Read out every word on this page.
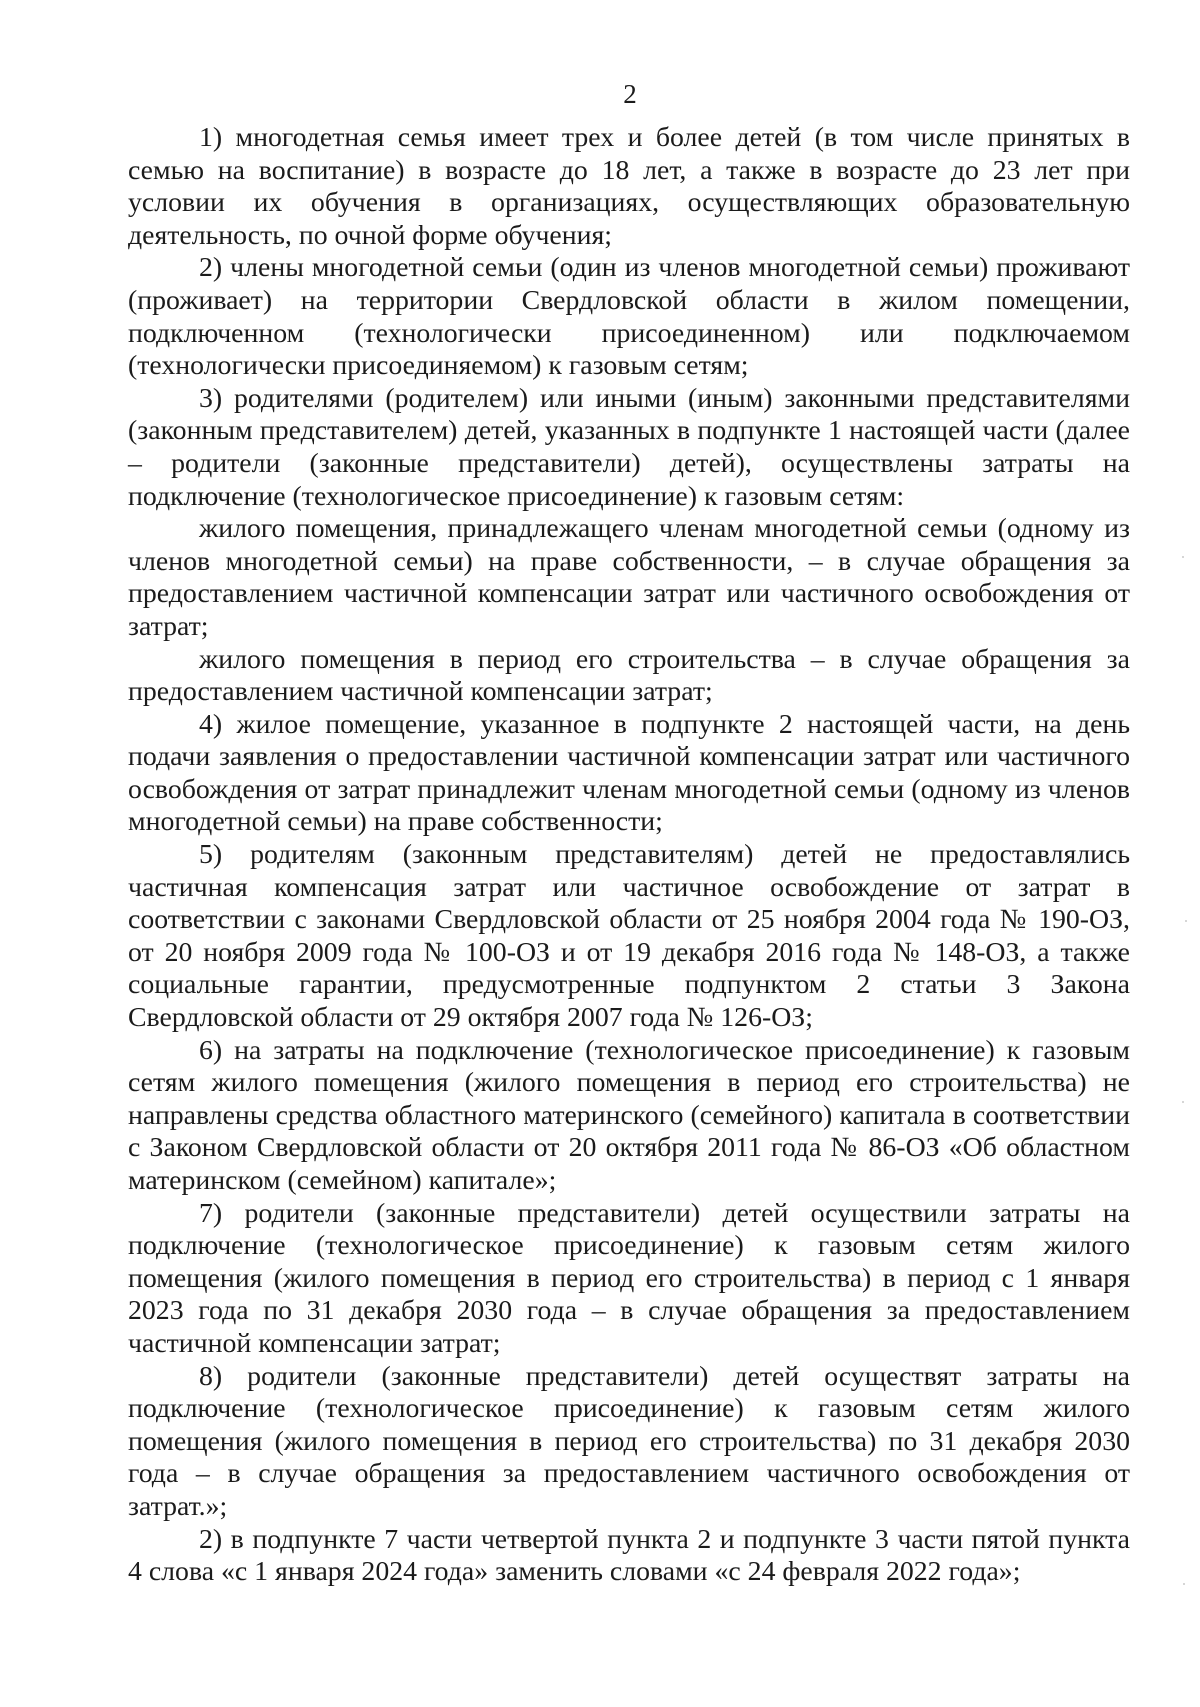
2

1) многодетная семья имеет трех и более детей (в том числе принятых в семью на воспитание) в возрасте до 18 лет, а также в возрасте до 23 лет при условии их обучения в организациях, осуществляющих образовательную деятельность, по очной форме обучения;

2) члены многодетной семьи (один из членов многодетной семьи) проживают (проживает) на территории Свердловской области в жилом помещении, подключенном (технологически присоединенном) или подключаемом (технологически присоединяемом) к газовым сетям;

3) родителями (родителем) или иными (иным) законными представителями (законным представителем) детей, указанных в подпункте 1 настоящей части (далее – родители (законные представители) детей), осуществлены затраты на подключение (технологическое присоединение) к газовым сетям:

жилого помещения, принадлежащего членам многодетной семьи (одному из членов многодетной семьи) на праве собственности, – в случае обращения за предоставлением частичной компенсации затрат или частичного освобождения от затрат;

жилого помещения в период его строительства – в случае обращения за предоставлением частичной компенсации затрат;

4) жилое помещение, указанное в подпункте 2 настоящей части, на день подачи заявления о предоставлении частичной компенсации затрат или частичного освобождения от затрат принадлежит членам многодетной семьи (одному из членов многодетной семьи) на праве собственности;

5) родителям (законным представителям) детей не предоставлялись частичная компенсация затрат или частичное освобождение от затрат в соответствии с законами Свердловской области от 25 ноября 2004 года № 190-ОЗ, от 20 ноября 2009 года № 100-ОЗ и от 19 декабря 2016 года № 148-ОЗ, а также социальные гарантии, предусмотренные подпунктом 2 статьи 3 Закона Свердловской области от 29 октября 2007 года № 126-ОЗ;

6) на затраты на подключение (технологическое присоединение) к газовым сетям жилого помещения (жилого помещения в период его строительства) не направлены средства областного материнского (семейного) капитала в соответствии с Законом Свердловской области от 20 октября 2011 года № 86-ОЗ «Об областном материнском (семейном) капитале»;

7) родители (законные представители) детей осуществили затраты на подключение (технологическое присоединение) к газовым сетям жилого помещения (жилого помещения в период его строительства) в период с 1 января 2023 года по 31 декабря 2030 года – в случае обращения за предоставлением частичной компенсации затрат;

8) родители (законные представители) детей осуществят затраты на подключение (технологическое присоединение) к газовым сетям жилого помещения (жилого помещения в период его строительства) по 31 декабря 2030 года – в случае обращения за предоставлением частичного освобождения от затрат.»;

2) в подпункте 7 части четвертой пункта 2 и подпункте 3 части пятой пункта 4 слова «с 1 января 2024 года» заменить словами «с 24 февраля 2022 года»;
